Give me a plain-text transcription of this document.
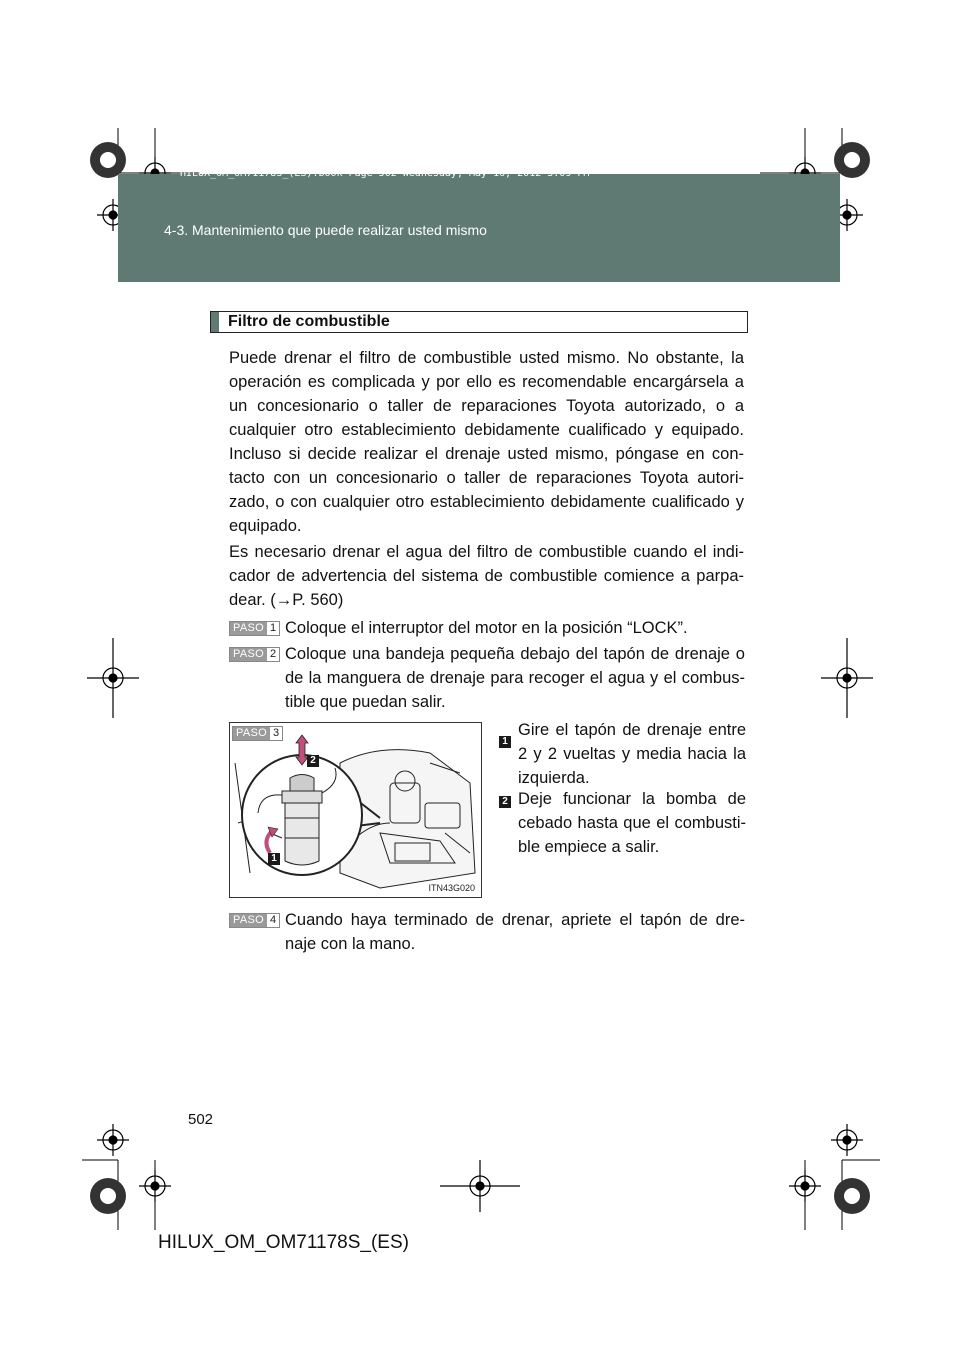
HILUX_OM_OM71178S_(ES).book Page 502 Wednesday, May 16, 2012 3:09 PM
4-3. Mantenimiento que puede realizar usted mismo
Filtro de combustible
Puede drenar el filtro de combustible usted mismo. No obstante, la
operación es complicada y por ello es recomendable encargársela a
un concesionario o taller de reparaciones Toyota autorizado, o a
cualquier otro establecimiento debidamente cualificado y equipado.
Incluso si decide realizar el drenaje usted mismo, póngase en con-
tacto con un concesionario o taller de reparaciones Toyota autori-
zado, o con cualquier otro establecimiento debidamente cualificado y
equipado.
Es necesario drenar el agua del filtro de combustible cuando el indi-
cador de advertencia del sistema de combustible comience a parpa-
dear. (→P. 560)
PASO 1 Coloque el interruptor del motor en la posición “LOCK”.
PASO 2 Coloque una bandeja pequeña debajo del tapón de drenaje o
de la manguera de drenaje para recoger el agua y el combus-
tible que puedan salir.
PASO 3
2
1
ITN43G020
1
Gire el tapón de drenaje entre
2 y 2 vueltas y media hacia la
izquierda.
2 Deje funcionar la bomba de
cebado hasta que el combusti-
ble empiece a salir.
PASO 4 Cuando haya terminado de drenar, apriete el tapón de dre-
naje con la mano.
502
HILUX_OM_OM71178S_(ES)
